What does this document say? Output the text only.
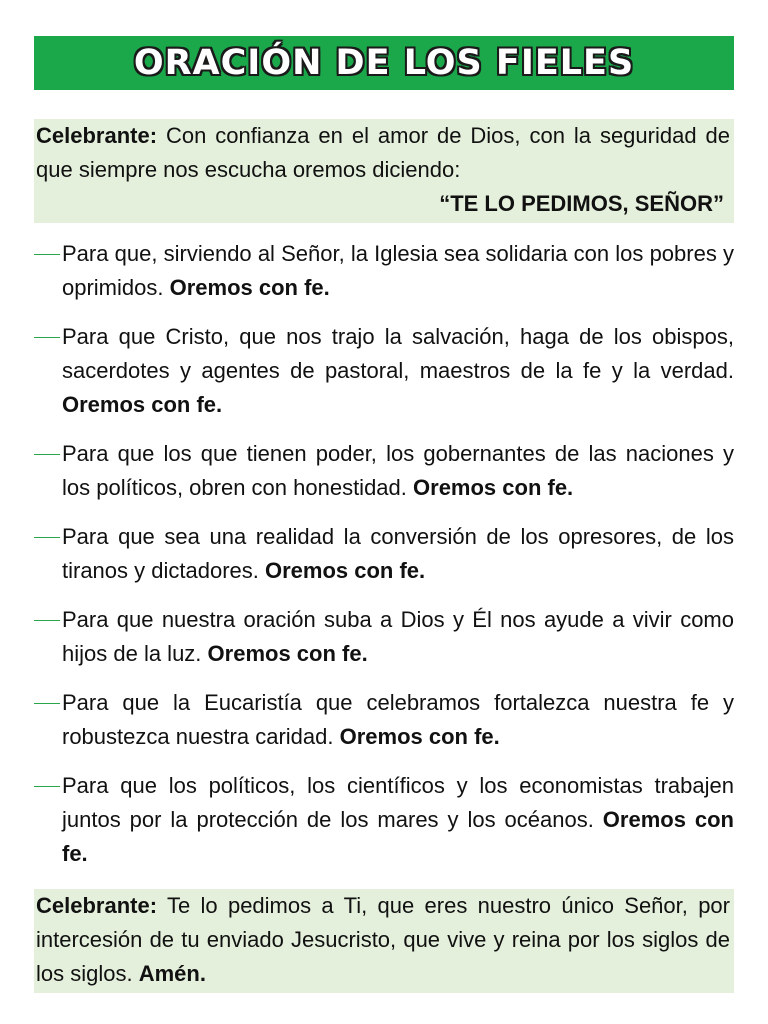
ORACIÓN DE LOS FIELES
Celebrante: Con confianza en el amor de Dios, con la seguridad de que siempre nos escucha oremos diciendo:
“TE LO PEDIMOS, SEÑOR”
Para que, sirviendo al Señor, la Iglesia sea solidaria con los pobres y oprimidos. Oremos con fe.
Para que Cristo, que nos trajo la salvación, haga de los obispos, sacerdotes y agentes de pastoral, maestros de la fe y la verdad. Oremos con fe.
Para que los que tienen poder, los gobernantes de las naciones y los políticos, obren con honestidad. Oremos con fe.
Para que sea una realidad la conversión de los opresores, de los tiranos y dictadores. Oremos con fe.
Para que nuestra oración suba a Dios y Él nos ayude a vivir como hijos de la luz. Oremos con fe.
Para que la Eucaristía que celebramos fortalezca nuestra fe y robustezca nuestra caridad. Oremos con fe.
Para que los políticos, los científicos y los economistas trabajen juntos por la protección de los mares y los océanos. Oremos con fe.
Celebrante: Te lo pedimos a Ti, que eres nuestro único Señor, por intercesión de tu enviado Jesucristo, que vive y reina por los siglos de los siglos. Amén.
